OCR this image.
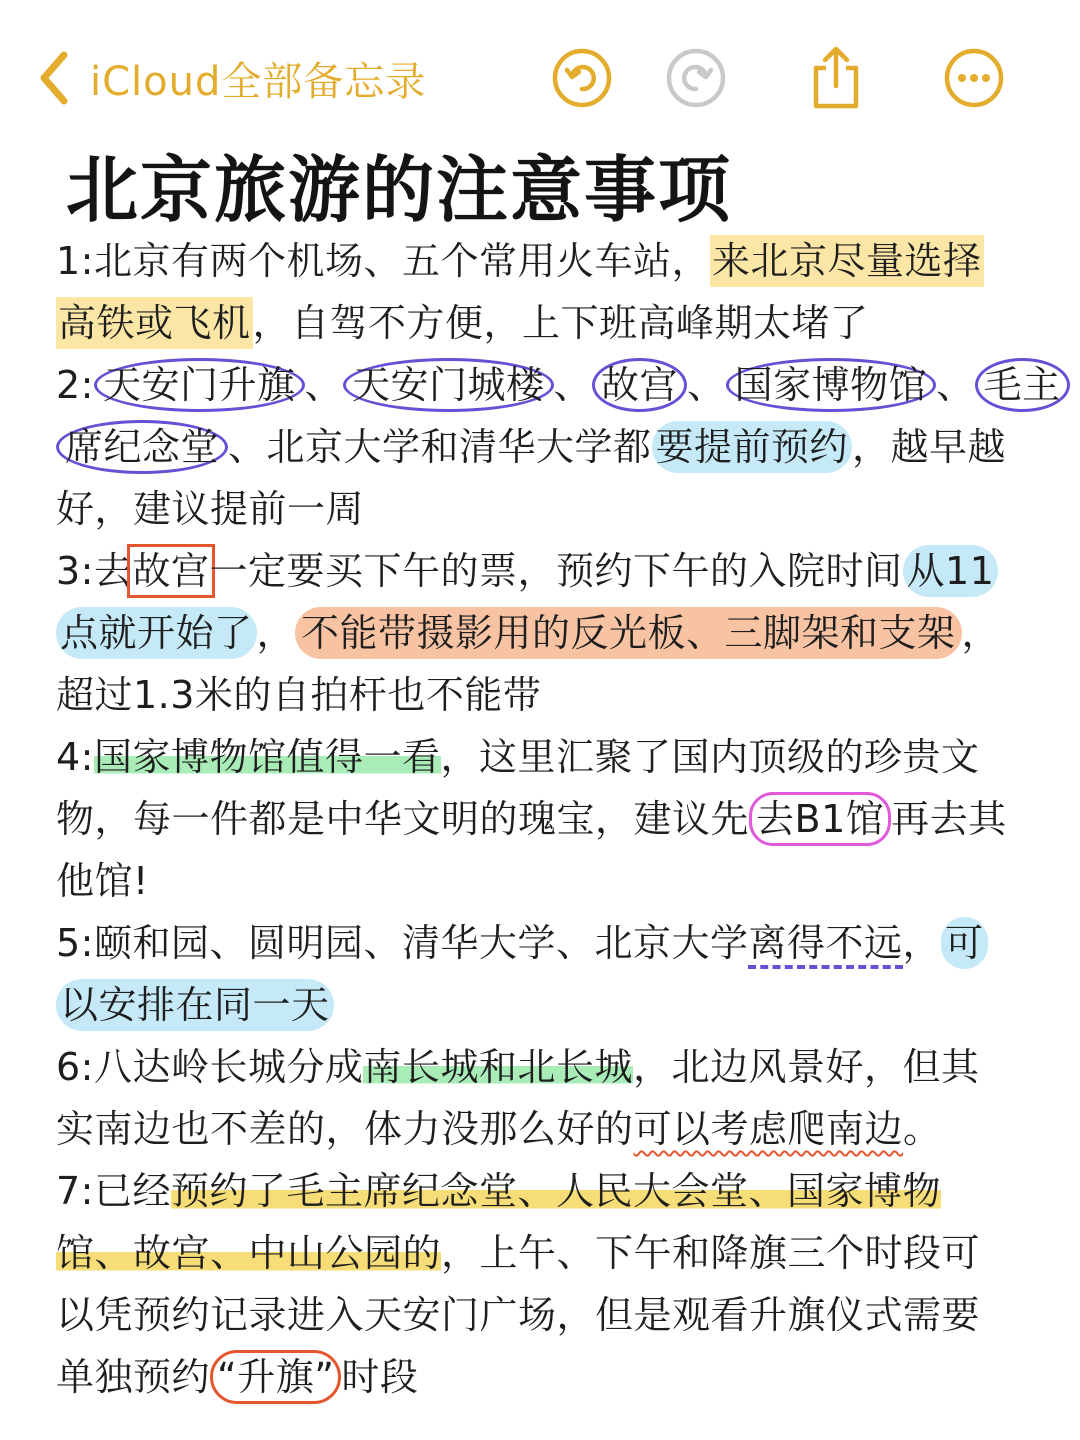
iCloud全部备忘录
北京旅游的注意事项
1:北京有两个机场、五个常用火车站，来北京尽量选择
高铁或飞机，自驾不方便，上下班高峰期太堵了
2: 天安门升旗 、 天安门城楼 、 故宫 、 国家博物馆 、 毛主
席纪念堂 、北京大学和清华大学都 要提前预约 ，越早越
好，建议提前一周
3:去故宫一定要买下午的票，预约下午的入院时间 从11
点就开始了 ， 不能带摄影用的反光板、三脚架和支架 ，
超过1.3米的自拍杆也不能带
4:国家博物馆值得一看，这里汇聚了国内顶级的珍贵文
物，每一件都是中华文明的瑰宝，建议先 去B1馆 再去其
他馆!
5:颐和园、圆明园、清华大学、北京大学离得不远， 可
以安排在同一天
6:八达岭长城分成南长城和北长城，北边风景好，但其
实南边也不差的，体力没那么好的可以考虑爬南边。
7:已经预约了毛主席纪念堂、人民大会堂、国家博物
馆、故宫、中山公园的，上午、下午和降旗三个时段可
以凭预约记录进入天安门广场，但是观看升旗仪式需要
单独预约 “升旗” 时段
